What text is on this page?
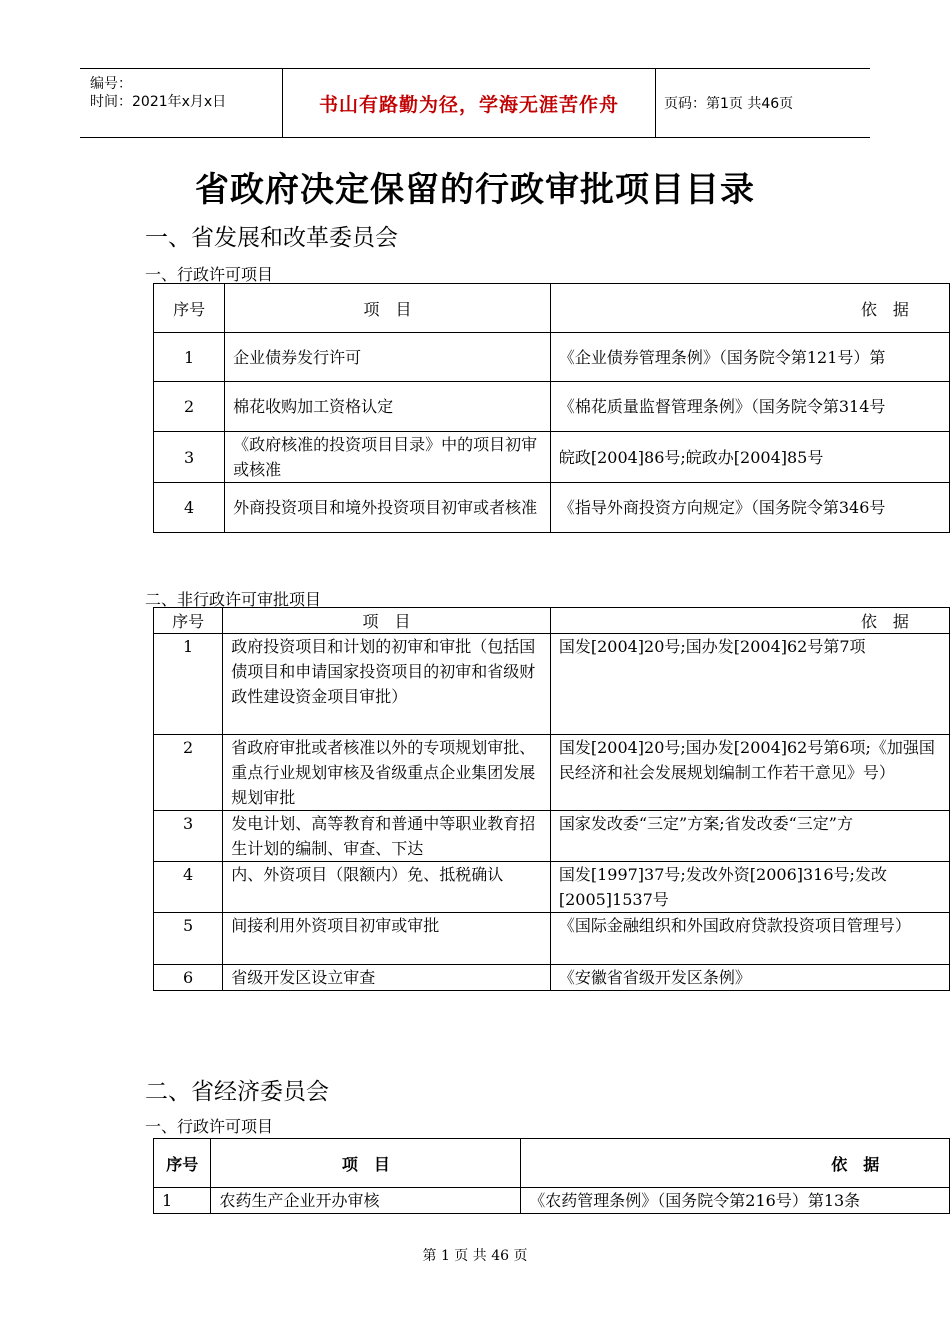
编号：
时间：2021年x月x日	书山有路勤为径，学海无涯苦作舟	页码：第1页 共46页
省政府决定保留的行政审批项目目录
一、省发展和改革委员会
一、行政许可项目
序号	项　目	依　据
1	企业债券发行许可	《企业债券管理条例》（国务院令第121号）第
2	棉花收购加工资格认定	《棉花质量监督管理条例》（国务院令第314号
3	《政府核准的投资项目目录》中的项目初审或核准	皖政[2004]86号;皖政办[2004]85号
4	外商投资项目和境外投资项目初审或者核准	《指导外商投资方向规定》（国务院令第346号
二、非行政许可审批项目
序号	项　目	依　据
1	政府投资项目和计划的初审和审批（包括国债项目和申请国家投资项目的初审和省级财政性建设资金项目审批）	国发[2004]20号;国办发[2004]62号第7项
2	省政府审批或者核准以外的专项规划审批、重点行业规划审核及省级重点企业集团发展规划审批	国发[2004]20号;国办发[2004]62号第6项;《加强国民经济和社会发展规划编制工作若干意见》号）
3	发电计划、高等教育和普通中等职业教育招生计划的编制、审查、下达	国家发改委“三定”方案;省发改委“三定”方
4	内、外资项目（限额内）免、抵税确认	国发[1997]37号;发改外资[2006]316号;发改[2005]1537号
5	间接利用外资项目初审或审批	《国际金融组织和外国政府贷款投资项目管理号）
6	省级开发区设立审查	《安徽省省级开发区条例》
二、省经济委员会
一、行政许可项目
序号	项　目	依　据
1	农药生产企业开办审核	《农药管理条例》（国务院令第216号）第13条
第 1 页 共 46 页
